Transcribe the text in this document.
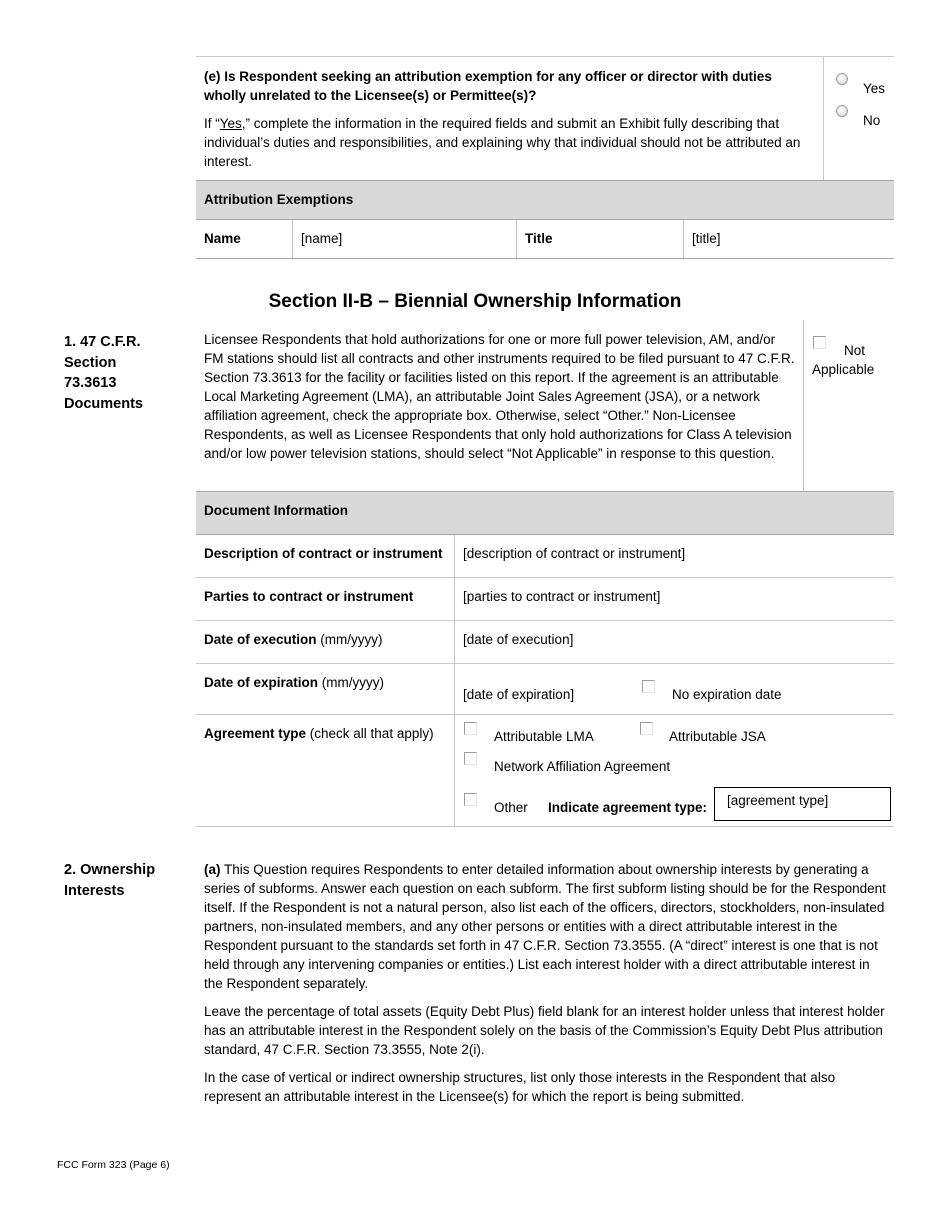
(e) Is Respondent seeking an attribution exemption for any officer or director with duties wholly unrelated to the Licensee(s) or Permittee(s)?
If “Yes,” complete the information in the required fields and submit an Exhibit fully describing that individual’s duties and responsibilities, and explaining why that individual should not be attributed an interest.
Yes
No
Attribution Exemptions
Name	[name]	Title	[title]
Section II-B – Biennial Ownership Information
1. 47 C.F.R.
Section
73.3613
Documents
Licensee Respondents that hold authorizations for one or more full power television, AM, and/or FM stations should list all contracts and other instruments required to be filed pursuant to 47 C.F.R. Section 73.3613 for the facility or facilities listed on this report. If the agreement is an attributable Local Marketing Agreement (LMA), an attributable Joint Sales Agreement (JSA), or a network affiliation agreement, check the appropriate box. Otherwise, select “Other.” Non-Licensee Respondents, as well as Licensee Respondents that only hold authorizations for Class A television and/or low power television stations, should select “Not Applicable” in response to this question.
Not
Applicable
Document Information
Description of contract or instrument [description of contract or instrument]
Parties to contract or instrument	[parties to contract or instrument]
Date of execution (mm/yyyy)	[date of execution]
Date of expiration (mm/yyyy)
[date of expiration]	No expiration date
Agreement type (check all that apply)	Attributable LMA	Attributable JSA
Network Affiliation Agreement
Other Indicate agreement type:	[agreement type]
2. Ownership
Interests
(a) This Question requires Respondents to enter detailed information about ownership interests by generating a series of subforms. Answer each question on each subform. The first subform listing should be for the Respondent itself. If the Respondent is not a natural person, also list each of the officers, directors, stockholders, non-insulated partners, non-insulated members, and any other persons or entities with a direct attributable interest in the Respondent pursuant to the standards set forth in 47 C.F.R. Section 73.3555. (A “direct” interest is one that is not held through any intervening companies or entities.) List each interest holder with a direct attributable interest in the Respondent separately.
Leave the percentage of total assets (Equity Debt Plus) field blank for an interest holder unless that interest holder has an attributable interest in the Respondent solely on the basis of the Commission’s Equity Debt Plus attribution standard, 47 C.F.R. Section 73.3555, Note 2(i).
In the case of vertical or indirect ownership structures, list only those interests in the Respondent that also represent an attributable interest in the Licensee(s) for which the report is being submitted.
FCC Form 323 (Page 6)
